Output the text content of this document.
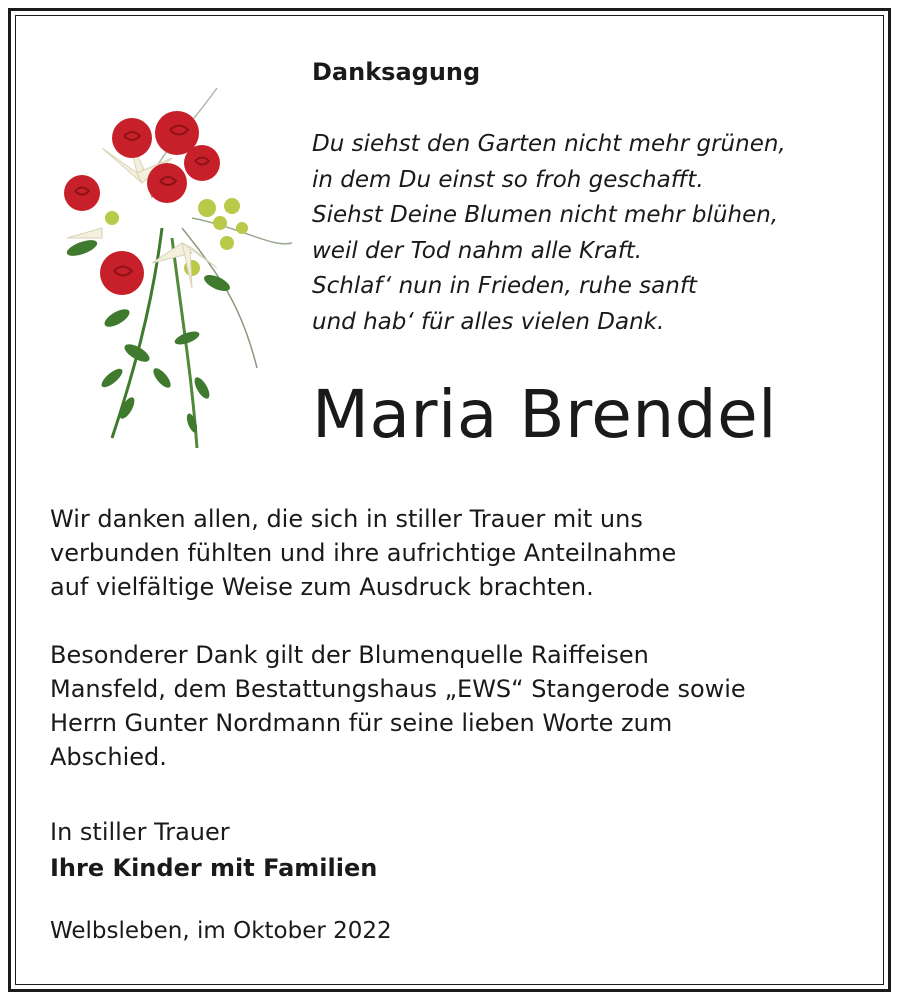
Danksagung
Du siehst den Garten nicht mehr grünen,
in dem Du einst so froh geschafft.
Siehst Deine Blumen nicht mehr blühen,
weil der Tod nahm alle Kraft.
Schlaf‘ nun in Frieden, ruhe sanft
und hab‘ für alles vielen Dank.
Maria Brendel
Wir danken allen, die sich in stiller Trauer mit uns
verbunden fühlten und ihre aufrichtige Anteilnahme
auf vielfältige Weise zum Ausdruck brachten.
Besonderer Dank gilt der Blumenquelle Raiffeisen
Mansfeld, dem Bestattungshaus „EWS“ Stangerode sowie
Herrn Gunter Nordmann für seine lieben Worte zum
Abschied.

In stiller Trauer

Ihre Kinder mit Familien

Welbsleben, im Oktober 2022
